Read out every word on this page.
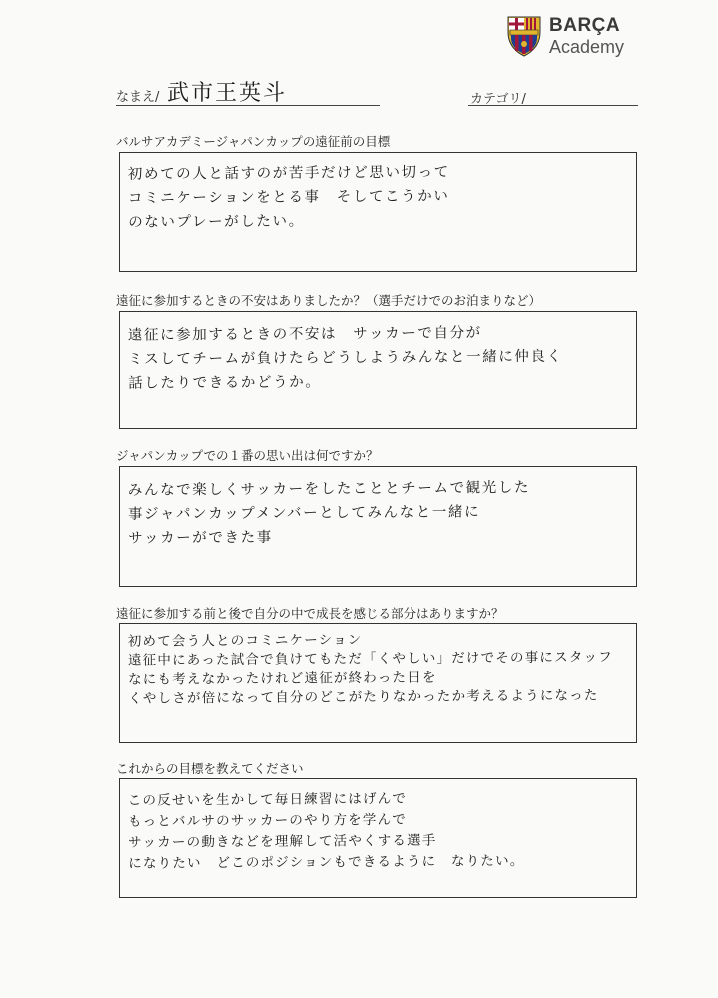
BARÇA
Academy
なまえ/ 武市王英斗	カテゴリ/
バルサアカデミージャパンカップの遠征前の目標
初めての人と話すのが苦手だけど思い切って
コミニケーションをとる事　そしてこうかい
のないプレーがしたい。
遠征に参加するときの不安はありましたか？（選手だけでのお泊まりなど）
遠征に参加するときの不安は　サッカーで自分が
ミスしてチームが負けたらどうしようみんなと一緒に仲良く
話したりできるかどうか。
ジャパンカップでの１番の思い出は何ですか？
みんなで楽しくサッカーをしたこととチームで観光した
事ジャパンカップメンバーとしてみんなと一緒に
サッカーができた事
遠征に参加する前と後で自分の中で成長を感じる部分はありますか？
初めて会う人とのコミニケーション
遠征中にあった試合で負けてもただ「くやしい」だけでその事にスタッフ
なにも考えなかったけれど遠征が終わった日を
くやしさが倍になって自分のどこがたりなかったか考えるようになった
これからの目標を教えてください
この反せいを生かして毎日練習にはげんで
もっとバルサのサッカーのやり方を学んで
サッカーの動きなどを理解して活やくする選手
になりたい　どこのポジションもできるように　なりたい。
